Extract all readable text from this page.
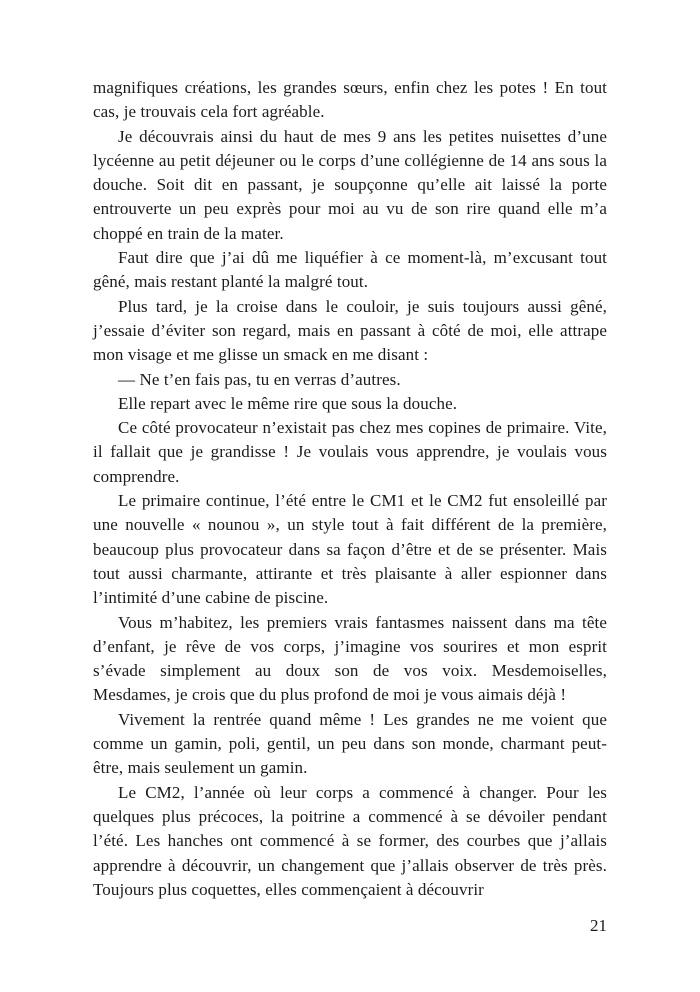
magnifiques créations, les grandes sœurs, enfin chez les potes ! En tout cas, je trouvais cela fort agréable.

Je découvrais ainsi du haut de mes 9 ans les petites nuisettes d’une lycéenne au petit déjeuner ou le corps d’une collégienne de 14 ans sous la douche. Soit dit en passant, je soupçonne qu’elle ait laissé la porte entrouverte un peu exprès pour moi au vu de son rire quand elle m’a choppé en train de la mater.

Faut dire que j’ai dû me liquéfier à ce moment-là, m’excusant tout gêné, mais restant planté la malgré tout.

Plus tard, je la croise dans le couloir, je suis toujours aussi gêné, j’essaie d’éviter son regard, mais en passant à côté de moi, elle attrape mon visage et me glisse un smack en me disant :

— Ne t’en fais pas, tu en verras d’autres.

Elle repart avec le même rire que sous la douche.

Ce côté provocateur n’existait pas chez mes copines de primaire. Vite, il fallait que je grandisse ! Je voulais vous apprendre, je voulais vous comprendre.

Le primaire continue, l’été entre le CM1 et le CM2 fut ensoleillé par une nouvelle « nounou », un style tout à fait différent de la première, beaucoup plus provocateur dans sa façon d’être et de se présenter. Mais tout aussi charmante, attirante et très plaisante à aller espionner dans l’intimité d’une cabine de piscine.

Vous m’habitez, les premiers vrais fantasmes naissent dans ma tête d’enfant, je rêve de vos corps, j’imagine vos sourires et mon esprit s’évade simplement au doux son de vos voix. Mesdemoiselles, Mesdames, je crois que du plus profond de moi je vous aimais déjà !

Vivement la rentrée quand même ! Les grandes ne me voient que comme un gamin, poli, gentil, un peu dans son monde, charmant peut-être, mais seulement un gamin.

Le CM2, l’année où leur corps a commencé à changer. Pour les quelques plus précoces, la poitrine a commencé à se dévoiler pendant l’été. Les hanches ont commencé à se former, des courbes que j’allais apprendre à découvrir, un changement que j’allais observer de très près. Toujours plus coquettes, elles commençaient à découvrir

21
